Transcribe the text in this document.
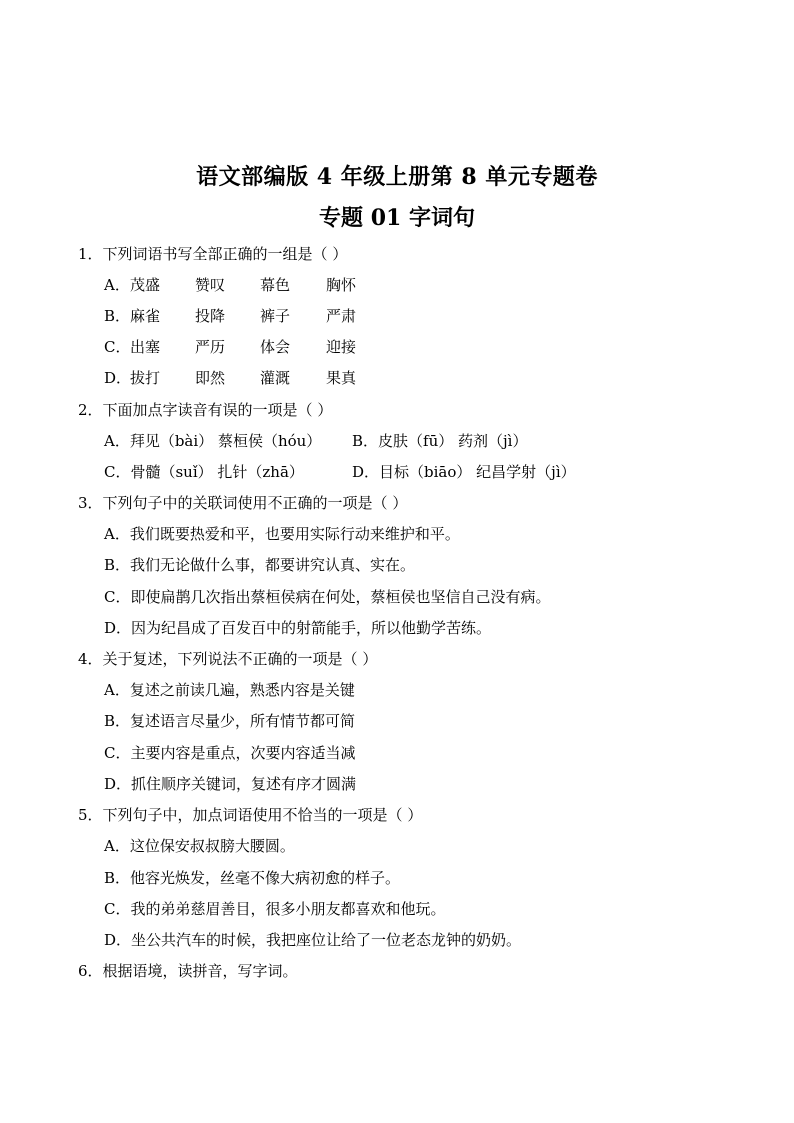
语文部编版 4 年级上册第 8 单元专题卷
专题 01 字词句
1．下列词语书写全部正确的一组是（ ）
A． 茂盛 赞叹 幕色 胸怀
B． 麻雀 投降 裤子 严肃
C． 出塞 严历 体会 迎接
D．
拔打 即然 灌溉 果真
2．下面加点字读音有误的一项是（ ）
A．拜见（bài） 蔡桓侯（hóu） B．皮肤（fū） 药剂（jì）
C．骨髓（suǐ） 扎针（zhā）	D．目标（biāo） 纪昌学射（jì）
3．下列句子中的关联词使用不正确的一项是（ ）
A．我们既要热爱和平，也要用实际行动来维护和平。
B．我们无论做什么事，都要讲究认真、实在。
C．即使扁鹊几次指出蔡桓侯病在何处，蔡桓侯也坚信自己没有病。
D．因为纪昌成了百发百中的射箭能手，所以他勤学苦练。
4．关于复述，下列说法不正确的一项是（ ）
A．复述之前读几遍，熟悉内容是关键
B．复述语言尽量少，所有情节都可简
C．主要内容是重点，次要内容适当减
D．抓住顺序关键词，复述有序才圆满
5．下列句子中，加点词语使用不恰当的一项是（ ）
A．这位保安叔叔膀大腰圆。
B．他容光焕发，丝毫不像大病初愈的样子。
C．我的弟弟慈眉善目，很多小朋友都喜欢和他玩。
D．坐公共汽车的时候，我把座位让给了一位老态龙钟的奶奶。
6．根据语境，读拼音，写字词。
